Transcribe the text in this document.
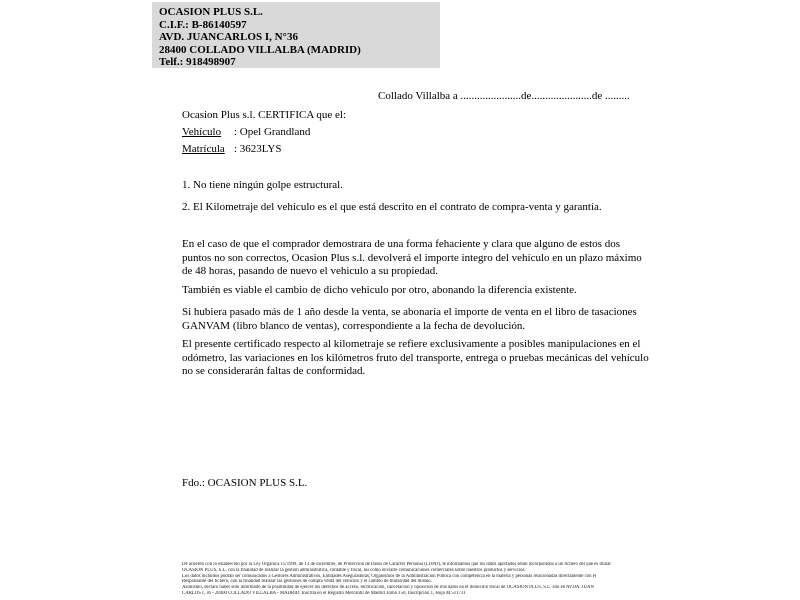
OCASION PLUS S.L.
C.I.F.: B-86140597
AVD. JUANCARLOS I, N°36
28400 COLLADO VILLALBA (MADRID)
Telf.: 918498907
Collado Villalba a ......................de......................de .........
Ocasion Plus s.l. CERTIFICA que el:
Vehículo : Opel Grandland
Matrícula : 3623LYS
1. No tiene ningún golpe estructural.
2. El Kilometraje del vehículo es el que está descrito en el contrato de compra-venta y garantía.
En el caso de que el comprador demostrara de una forma fehaciente y clara que alguno de estos dos puntos no son correctos, Ocasion Plus s.l. devolverá el importe integro del vehículo en un plazo máximo de 48 horas, pasando de nuevo el vehiculo a su propiedad.
También es viable el cambio de dicho vehiculo por otro, abonando la diferencia existente.
Si hubiera pasado más de 1 año desde la venta, se abonaría el importe de venta en el libro de tasaciones GANVAM (libro blanco de ventas), correspondiente a la fecha de devolución.
El presente certificado respecto al kilometraje se refiere exclusivamente a posibles manipulaciones en el odómetro, las variaciones en los kilómetros fruto del transporte, entrega o pruebas mecánicas del vehículo no se considerarán faltas de conformidad.
Fdo.: OCASION PLUS S.L.
De acuerdo con lo establecido por la Ley Orgánica 15/1999, de 13 de diciembre, de Protección de Datos de Carácter Personal (LOPD), le informamos que los datos aportados serán incorporados a un fichero del que es titular
OCASIÓN PLUS, S.L. con la finalidad de realizar la gestión administrativa, contable y fiscal, así como enviarle comunicaciones comerciales sobre nuestros productos y servicios.
Los datos incluidos podrán ser comunicados a Gestores Administrativos, Entidades Aseguradoras, Organismos de la Administración Pública con competencia en la materia y personas relacionadas directamente con el
Responsable del fichero, con la finalidad realizar las gestiones de compra venta del vehículo y el cambio de titularidad del mismo.
Asimismo, declaro haber sido informado de la posibilidad de ejercer los derechos de acceso, rectificación, cancelación y oposición de mis datos en el domicilio fiscal de OCASIÓN PLUS, S.L. sito en AVDA. JUAN
CARLOS I, 36 - 28400 COLLADO VILLALBA - MADRID. Inscrita en el Registro Mercantil de Madrid Tomo 150, Inscripción 1, Hoja M 511731
